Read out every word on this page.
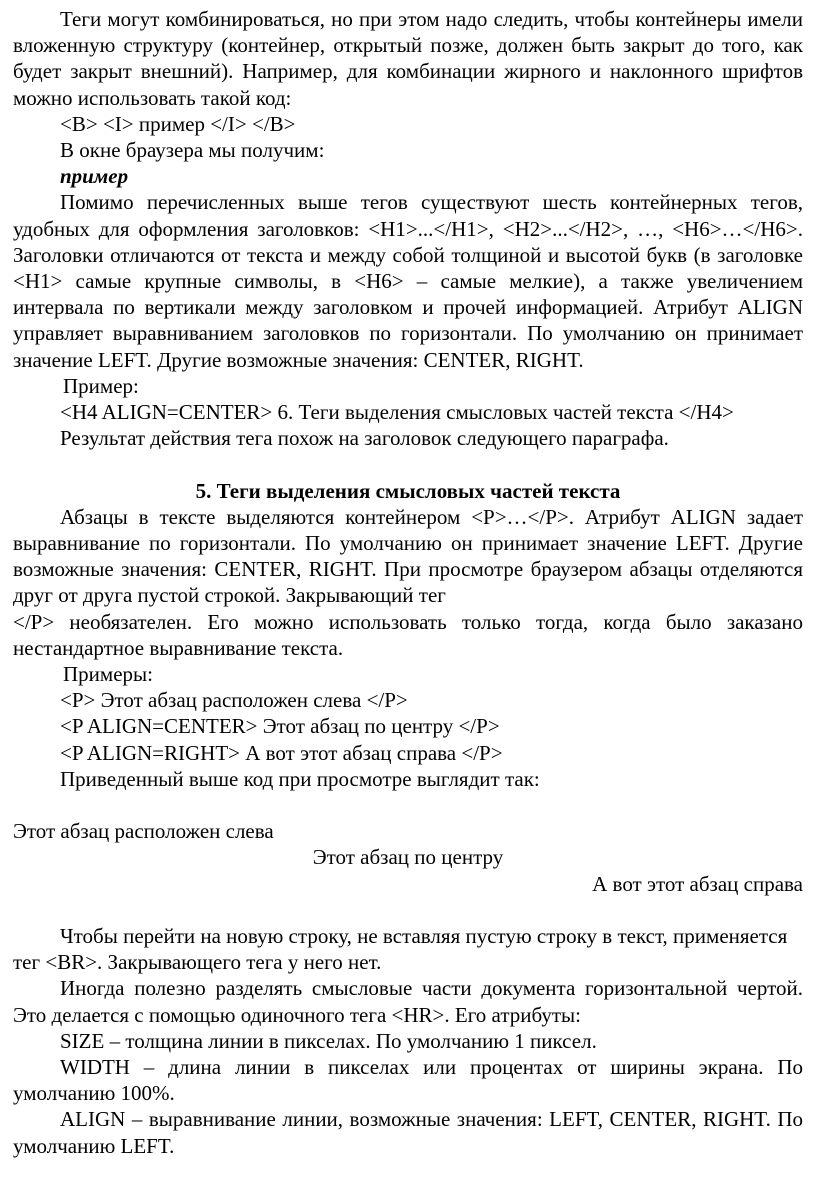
Теги могут комбинироваться, но при этом надо следить, чтобы контейнеры имели вложенную структуру (контейнер, открытый позже, должен быть закрыт до того, как будет закрыт внешний). Например, для комбинации жирного и наклонного шрифтов можно использовать такой код:

<B> <I> пример </I> </B>

В окне браузера мы получим:

пример

Помимо перечисленных выше тегов существуют шесть контейнерных тегов, удобных для оформления заголовков: <H1>...</H1>, <H2>...</H2>, …, <H6>…</H6>. Заголовки отличаются от текста и между собой толщиной и высотой букв (в заголовке <H1> самые крупные символы, в <H6> – самые мелкие), а также увеличением интервала по вертикали между заголовком и прочей информацией. Атрибут ALIGN управляет выравниванием заголовков по горизонтали. По умолчанию он принимает значение LEFT. Другие возможные значения: CENTER, RIGHT.

Пример:

<H4 ALIGN=CENTER> 6. Теги выделения смысловых частей текста </H4>

Результат действия тега похож на заголовок следующего параграфа.

5. Теги выделения смысловых частей текста

Абзацы в тексте выделяются контейнером <P>…</P>. Атрибут ALIGN задает выравнивание по горизонтали. По умолчанию он принимает значение LEFT. Другие возможные значения: CENTER, RIGHT. При просмотре браузером абзацы отделяются друг от друга пустой строкой. Закрывающий тег

</P> необязателен. Его можно использовать только тогда, когда было заказано нестандартное выравнивание текста.

Примеры:

<P> Этот абзац расположен слева </P>

<P ALIGN=CENTER> Этот абзац по центру </P>

<P ALIGN=RIGHT> А вот этот абзац справа </P>

Приведенный выше код при просмотре выглядит так:

Этот абзац расположен слева

Этот абзац по центру

А вот этот абзац справа

Чтобы перейти на новую строку, не вставляя пустую строку в текст, применяется тег <BR>. Закрывающего тега у него нет.

Иногда полезно разделять смысловые части документа горизонтальной чертой. Это делается с помощью одиночного тега <HR>. Его атрибуты:

SIZE – толщина линии в пикселах. По умолчанию 1 пиксел.

WIDTH – длина линии в пикселах или процентах от ширины экрана. По умолчанию 100%.

ALIGN – выравнивание линии, возможные значения: LEFT, CENTER, RIGHT. По умолчанию LEFT.
